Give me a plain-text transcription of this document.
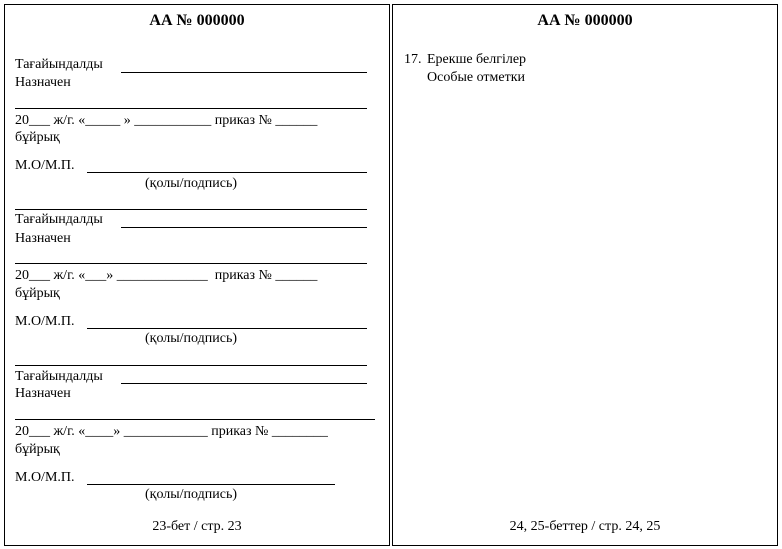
АА № 000000
Тағайындалды
Назначен
20___ ж/г. «_____ » ___________ приказ № ______
бұйрық
М.О/М.П.
(қолы/подпись)
Тағайындалды
Назначен
20___ ж/г. «___» _____________  приказ № ______
бұйрық
М.О/М.П.
(қолы/подпись)
Тағайындалды
Назначен
20___ ж/г. «____» ____________ приказ № ________
бұйрық
М.О/М.П.
(қолы/подпись)
23-бет / стр. 23
АА № 000000
17. Ерекше белгілер
Особые отметки
24, 25-беттер / стр. 24, 25
